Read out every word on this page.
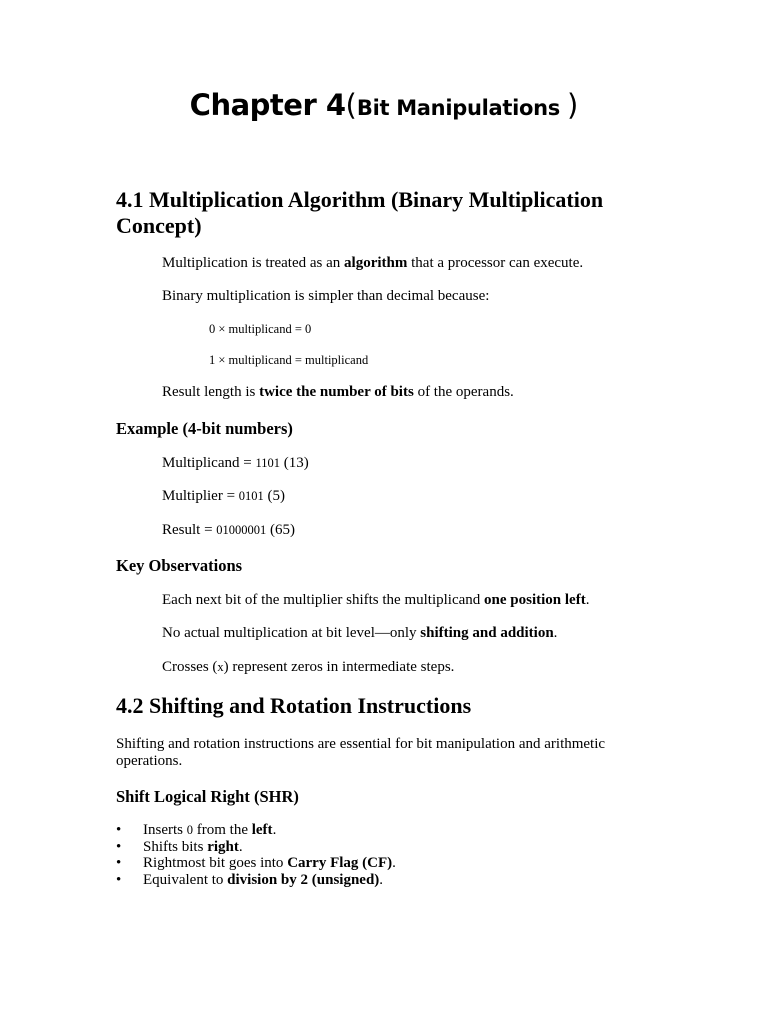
Chapter 4(Bit Manipulations )
4.1 Multiplication Algorithm (Binary Multiplication
Concept)

Multiplication is treated as an algorithm that a processor can execute.

Binary multiplication is simpler than decimal because:

0 × multiplicand = 0

1 × multiplicand = multiplicand

Result length is twice the number of bits of the operands.

Example (4-bit numbers)

Multiplicand = 1101 (13)

Multiplier = 0101 (5)

Result = 01000001 (65)

Key Observations

Each next bit of the multiplier shifts the multiplicand one position left.

No actual multiplication at bit level—only shifting and addition.

Crosses (x) represent zeros in intermediate steps.

4.2 Shifting and Rotation Instructions

Shifting and rotation instructions are essential for bit manipulation and arithmetic operations.

Shift Logical Right (SHR)

• Inserts 0 from the left.
• Shifts bits right.
• Rightmost bit goes into Carry Flag (CF).
• Equivalent to division by 2 (unsigned).
